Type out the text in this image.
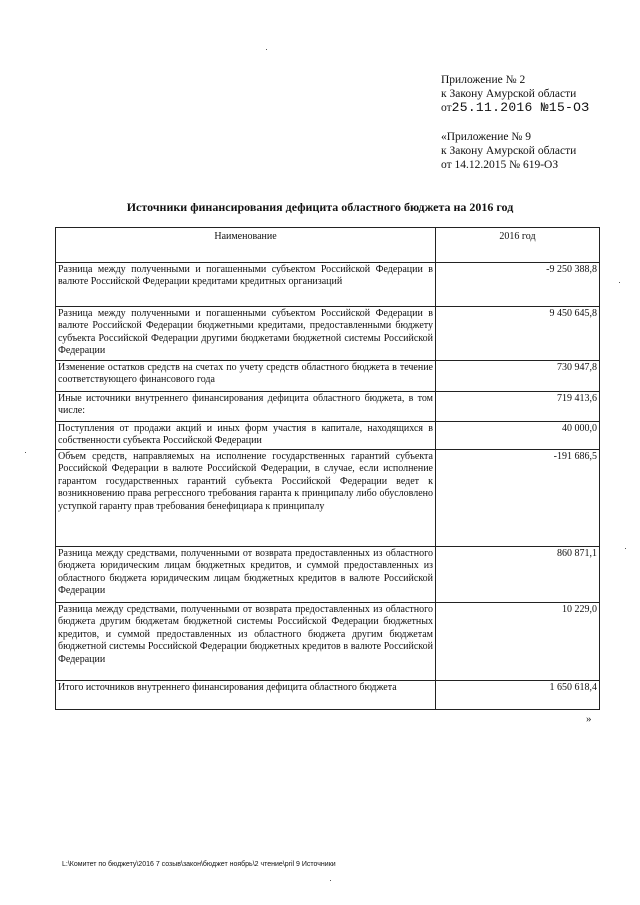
Приложение № 2
к Закону Амурской области
от25.11.2016 №15-ОЗ
«Приложение № 9
к Закону Амурской области
от 14.12.2015 № 619-ОЗ
Источники финансирования дефицита областного бюджета на 2016 год
Наименование	2016 год
Разница между полученными и погашенными субъектом Российской Федерации в валюте Российской Федерации кредитами кредитных организаций	-9 250 388,8
Разница между полученными и погашенными субъектом Российской Федерации в валюте Российской Федерации бюджетными кредитами, предоставленными бюджету субъекта Российской Федерации другими бюджетами бюджетной системы Российской Федерации	9 450 645,8
Изменение остатков средств на счетах по учету средств областного бюджета в течение соответствующего финансового года	730 947,8
Иные источники внутреннего финансирования дефицита областного бюджета, в том числе:	719 413,6
Поступления от продажи акций и иных форм участия в капитале, находящихся в собственности субъекта Российской Федерации	40 000,0
Объем средств, направляемых на исполнение государственных гарантий субъекта Российской Федерации в валюте Российской Федерации, в случае, если исполнение гарантом государственных гарантий субъекта Российской Федерации ведет к возникновению права регрессного требования гаранта к принципалу либо обусловлено уступкой гаранту прав требования бенефициара к принципалу	-191 686,5
Разница между средствами, полученными от возврата предоставленных из областного бюджета юридическим лицам бюджетных кредитов, и суммой предоставленных из областного бюджета юридическим лицам бюджетных кредитов в валюте Российской Федерации	860 871,1
Разница между средствами, полученными от возврата предоставленных из областного бюджета другим бюджетам бюджетной системы Российской Федерации бюджетных кредитов, и суммой предоставленных из областного бюджета другим бюджетам бюджетной системы Российской Федерации бюджетных кредитов в валюте Российской Федерации	10 229,0
Итого источников внутреннего финансирования дефицита областного бюджета	1 650 618,4
»
L:\Комитет по бюджету\2016 7 созыв\закон\бюджет ноябрь\2 чтение\pril 9 Источники
